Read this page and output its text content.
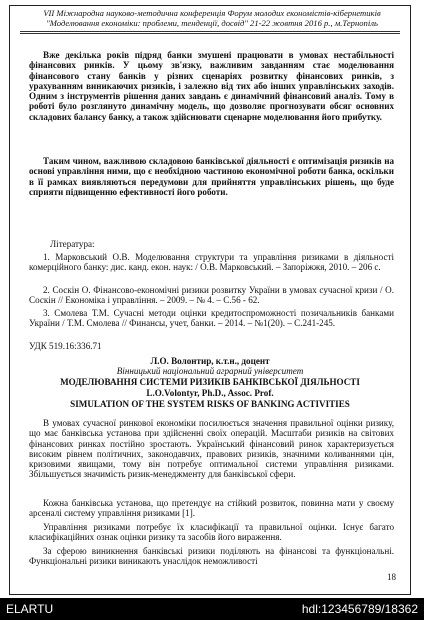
VII Міжнародна науково-методична конференція Форум молодих економістів-кібернетиків
"Моделювання економіки: проблеми, тенденції, досвід" 21-22 жовтня 2016 р., м.Тернопіль

Вже декілька років підряд банки змушені працювати в умовах нестабільності фінансових ринків. У цьому зв'язку, важливим завданням стає моделювання фінансового стану банків у різних сценаріях розвитку фінансових ринків, з урахуванням виникаючих ризиків, і залежно від тих або інших управлінських заходів. Одним з інструментів рішення даних завдань є динамічний фінансовий аналіз. Тому в роботі було розглянуто динамічну модель, що дозволяє прогнозувати обсяг основних складових балансу банку, а також здійснювати сценарне моделювання його прибутку.

Таким чином, важливою складовою банківської діяльності є оптимізація ризиків на основі управління ними, що є необхідною частиною економічної роботи банка, оскільки в її рамках виявляються передумови для прийняття управлінських рішень, що буде сприяти підвищенню ефективності його роботи.

Література:

1. Марковський О.В. Моделювання структури та управління ризиками в діяльності комерційного банку: дис. канд. екон. наук: / О.В. Марковський. – Запоріжжя, 2010. – 206 с.

2. Соскін О. Фінансово-економічні ризики розвитку України в умовах сучасної кризи / О. Соскін // Економіка і управління. – 2009. – № 4. – С.56 - 62.

3. Смолева Т.М. Сучасні методи оцінки кредитоспроможності позичальників банками України / Т.М. Смолева // Финансы, учет, банки. – 2014. – №1(20). – С.241-245.

УДК 519.16:336.71

Л.О. Волонтир, к.т.н., доцент

Вінницький національний аграрний університет

МОДЕЛЮВАННЯ СИСТЕМИ РИЗИКІВ БАНКІВСЬКОЇ ДІЯЛЬНОСТІ

L.O.Volontyr, Ph.D., Assoc. Prof.

SIMULATION OF THE SYSTEM RISKS OF BANKING ACTIVITIES

В умовах сучасної ринкової економіки посилюється значення правильної оцінки ризику, що має банківська установа при здійсненні своїх операцій. Масштаби ризиків на світових фінансових ринках постійно зростають. Український фінансовий ринок характеризується високим рівнем політичних, законодавчих, правових ризиків, значними коливаннями цін, кризовими явищами, тому він потребує оптимальної системи управління ризиками. Збільшується значимість ризик-менеджменту для банківської сфери.

Кожна банківська установа, що претендує на стійкий розвиток, повинна мати у своєму арсеналі систему управління ризиками [1].

Управління ризиками потребує їх класифікації та правильної оцінки. Існує багато класифікаційних ознак оцінки ризику та засобів його вираження.

За сферою виникнення банківські ризики поділяють на фінансові та функціональні. Функціональні ризики виникають унаслідок неможливості

18
ELARTU	hdl:123456789/18362
